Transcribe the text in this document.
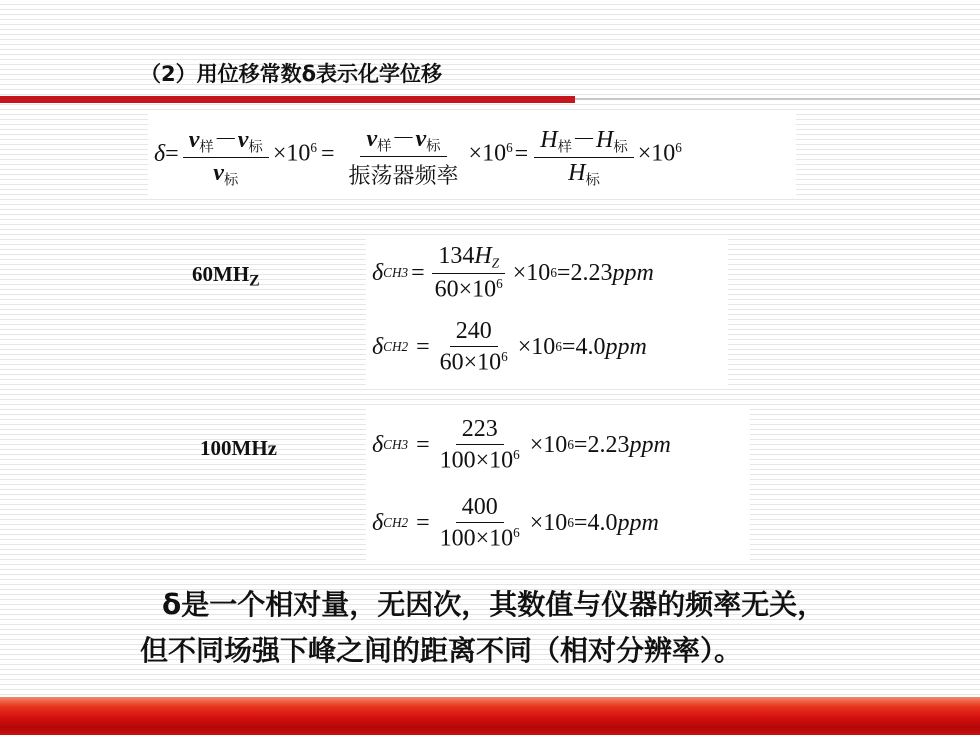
（2）用位移常数δ表示化学位移
$\delta = \frac{\text{v样－v标}}{\text{v标}} \times 10^6 = \frac{\text{v样－v标}}{\text{振荡器频率}} \times 10^6 = \frac{\text{H样－H标}}{\text{H标}} \times 10^6$
$60MH_Z$	δ $CH3 = \frac{134H_Z}{60\times 10^6} \times 10$ 6 =2.23 ppm
δ $CH2 = \frac{240}{60\times 10^6} \times 10$ 6 =4.0 ppm
100MHz	δ $CH3 = \frac{223}{100\times 10^6} \times 10$ 6 =2.23 ppm
δ $CH2 = \frac{400}{100\times 10^6} \times 10$ 6 =4.0 ppm
δ是一个相对量，无因次，其数值与仪器的频率无关，
但不同场强下峰之间的距离不同（相对分辨率）。
